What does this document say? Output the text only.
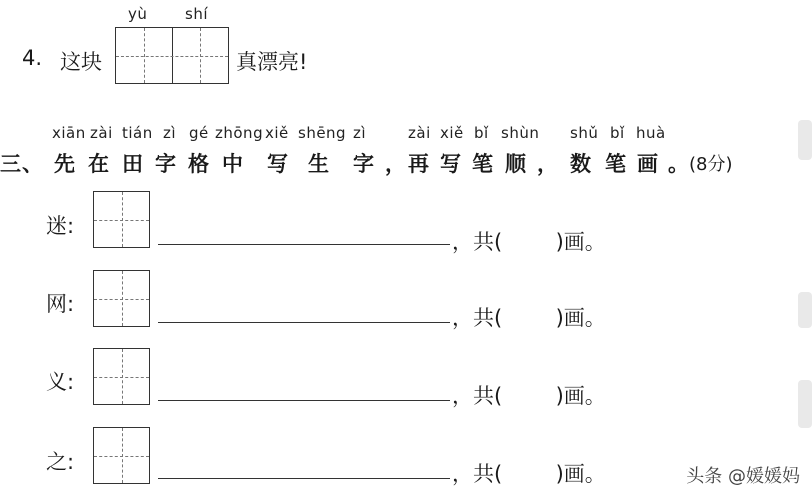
4. 这块
yù	shí
真漂亮!
xiān zài tián zì gé zhōng xiě shēng zì	zài xiě bǐ shùn shǔ bǐ huà
三 、 先 在 田 字 格 中 写 生 字 ， 再 写 笔 顺 ， 数 笔 画 。 (8分)
迷:
，共(        )画。
网:
，共(        )画。
义:
，共(        )画。
之:	，共(        )画。	头条 @媛媛妈
